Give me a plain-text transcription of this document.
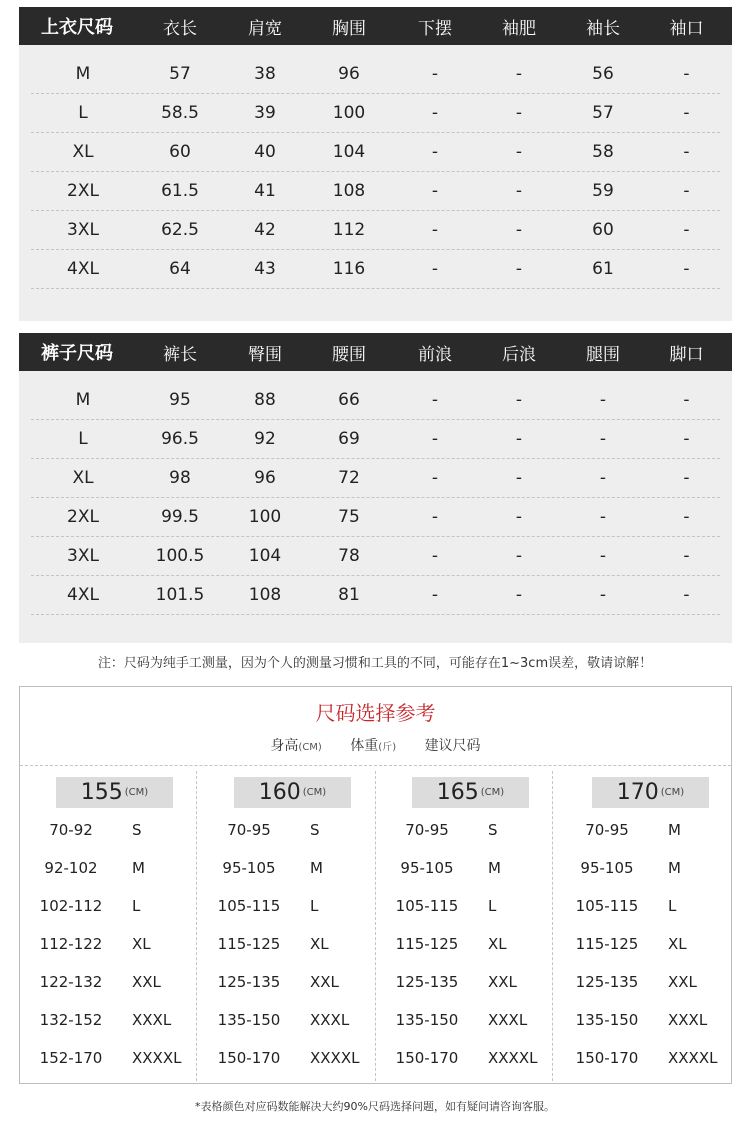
上衣尺码	衣长	肩宽	胸围	下摆	袖肥	袖长	袖口
M	57	38	96	-	-	56	-
L	58.5	39	100	-	-	57	-
XL	60	40	104	-	-	58	-
2XL	61.5	41	108	-	-	59	-
3XL	62.5	42	112	-	-	60	-
4XL	64	43	116	-	-	61	-
裤子尺码	裤长	臀围	腰围	前浪	后浪	腿围	脚口
M	95	88	66	-	-	-	-
L	96.5	92	69	-	-	-	-
XL	98	96	72	-	-	-	-
2XL	99.5	100	75	-	-	-	-
3XL	100.5	104	78	-	-	-	-
4XL	101.5	108	81	-	-	-	-
注：尺码为纯手工测量，因为个人的测量习惯和工具的不同，可能存在1~3cm误差，敬请谅解！
尺码选择参考
身高(CM) 体重(斤) 建议尺码
155 (CM)
70-92	S
92-102	M
102-112 L
112-122 XL
122-132 XXL
132-152 XXXL
152-170 XXXXL
160 (CM)
70-95	S
95-105	M
105-115 L
115-125 XL
125-135 XXL
135-150 XXXL
150-170 XXXXL
165 (CM)
70-95	S
95-105	M
105-115 L
115-125 XL
125-135 XXL
135-150 XXXL
150-170 XXXXL
170 (CM)
70-95	M
95-105	M
105-115 L
115-125 XL
125-135 XXL
135-150 XXXL
150-170 XXXXL
*表格颜色对应码数能解决大约90%尺码选择问题，如有疑问请咨询客服。
